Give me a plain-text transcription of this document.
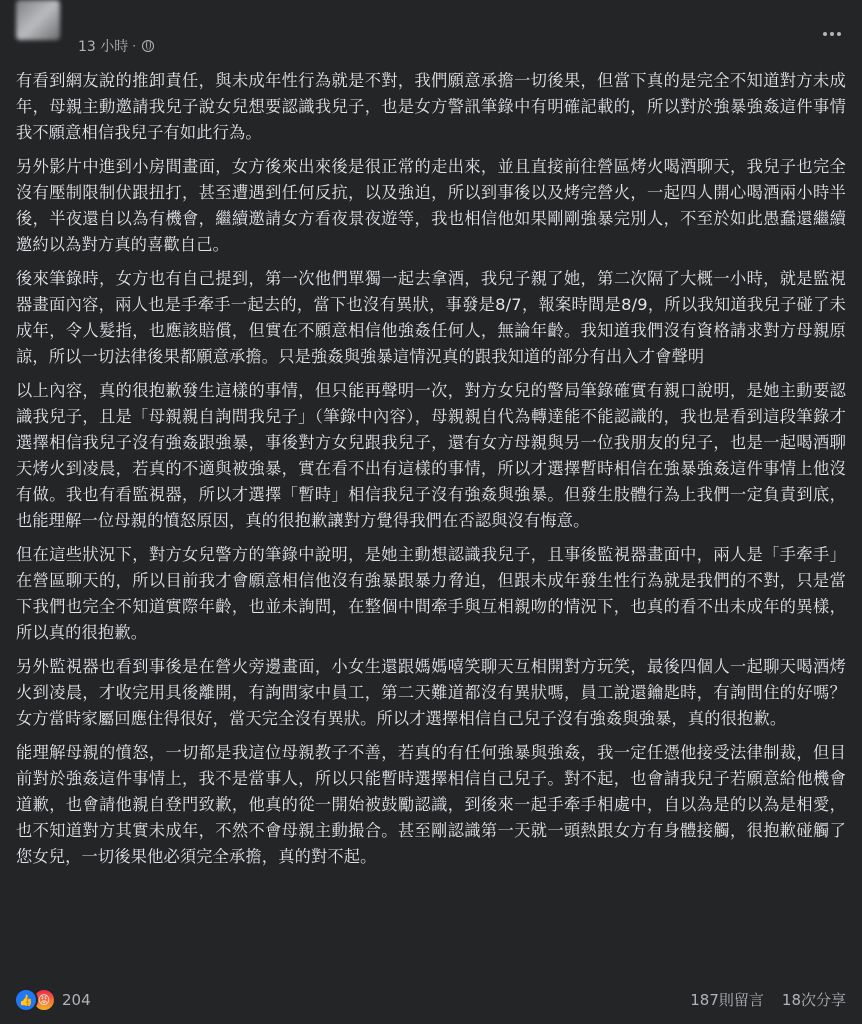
13 小時 ·

有看到網友說的推卸責任，與未成年性行為就是不對，我們願意承擔一切後果，但當下真的是完全不知道對方未成年，母親主動邀請我兒子說女兒想要認識我兒子，也是女方警訊筆錄中有明確記載的，所以對於強暴強姦這件事情我不願意相信我兒子有如此行為。

另外影片中進到小房間畫面，女方後來出來後是很正常的走出來，並且直接前往營區烤火喝酒聊天，我兒子也完全沒有壓制限制伏跟扭打，甚至遭遇到任何反抗，以及強迫，所以到事後以及烤完營火，一起四人開心喝酒兩小時半後，半夜還自以為有機會，繼續邀請女方看夜景夜遊等，我也相信他如果剛剛強暴完別人，不至於如此愚蠢還繼續邀約以為對方真的喜歡自己。

後來筆錄時，女方也有自己提到，第一次他們單獨一起去拿酒，我兒子親了她，第二次隔了大概一小時，就是監視器畫面內容，兩人也是手牽手一起去的，當下也沒有異狀，事發是8/7，報案時間是8/9，所以我知道我兒子碰了未成年，令人髮指，也應該賠償，但實在不願意相信他強姦任何人，無論年齡。我知道我們沒有資格請求對方母親原諒，所以一切法律後果都願意承擔。只是強姦與強暴這情況真的跟我知道的部分有出入才會聲明

以上內容，真的很抱歉發生這樣的事情，但只能再聲明一次，對方女兒的警局筆錄確實有親口說明，是她主動要認識我兒子，且是「母親親自詢問我兒子」（筆錄中內容），母親親自代為轉達能不能認識的，我也是看到這段筆錄才選擇相信我兒子沒有強姦跟強暴，事後對方女兒跟我兒子，還有女方母親與另一位我朋友的兒子，也是一起喝酒聊天烤火到凌晨，若真的不適與被強暴，實在看不出有這樣的事情，所以才選擇暫時相信在強暴強姦這件事情上他沒有做。我也有看監視器，所以才選擇「暫時」相信我兒子沒有強姦與強暴。但發生肢體行為上我們一定負責到底，也能理解一位母親的憤怒原因，真的很抱歉讓對方覺得我們在否認與沒有悔意。

但在這些狀況下，對方女兒警方的筆錄中說明，是她主動想認識我兒子，且事後監視器畫面中，兩人是「手牽手」在營區聊天的，所以目前我才會願意相信他沒有強暴跟暴力脅迫，但跟未成年發生性行為就是我們的不對，只是當下我們也完全不知道實際年齡，也並未詢問，在整個中間牽手與互相親吻的情況下，也真的看不出未成年的異樣，所以真的很抱歉。

另外監視器也看到事後是在營火旁邊畫面，小女生還跟媽媽嘻笑聊天互相開對方玩笑，最後四個人一起聊天喝酒烤火到凌晨，才收完用具後離開，有詢問家中員工，第二天難道都沒有異狀嗎，員工說還鑰匙時，有詢問住的好嗎？女方當時家屬回應住得很好，當天完全沒有異狀。所以才選擇相信自己兒子沒有強姦與強暴，真的很抱歉。

能理解母親的憤怒，一切都是我這位母親教子不善，若真的有任何強暴與強姦，我一定任憑他接受法律制裁，但目前對於強姦這件事情上，我不是當事人，所以只能暫時選擇相信自己兒子。對不起，也會請我兒子若願意給他機會道歉，也會請他親自登門致歉，他真的從一開始被鼓勵認識，到後來一起手牽手相處中，自以為是的以為是相愛，也不知道對方其實未成年，不然不會母親主動撮合。甚至剛認識第一天就一頭熱跟女方有身體接觸，很抱歉碰觸了您女兒，一切後果他必須完全承擔，真的對不起。

👍 😡 204	187則留言 18次分享
